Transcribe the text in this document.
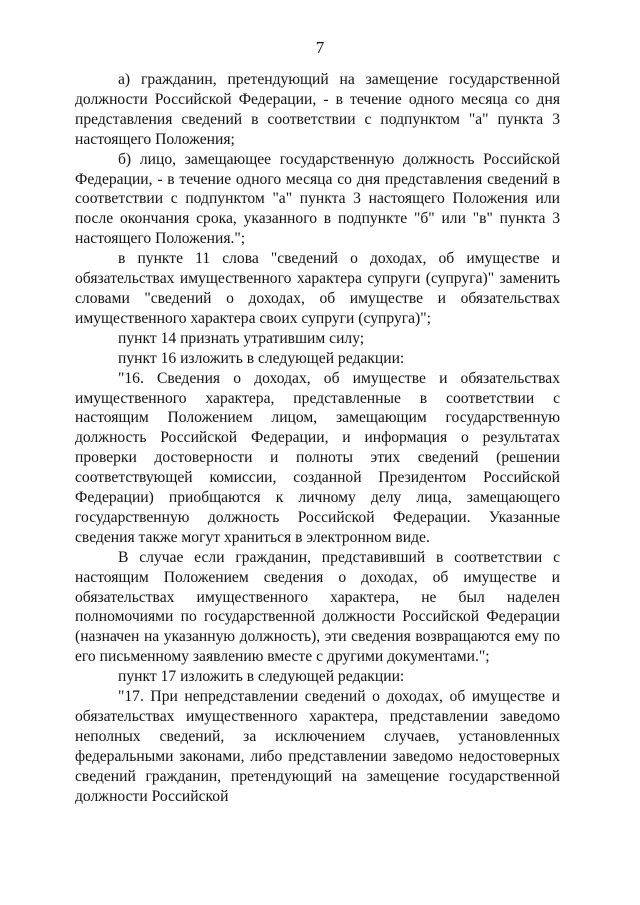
7

а) гражданин, претендующий на замещение государственной должности Российской Федерации, - в течение одного месяца со дня представления сведений в соответствии с подпунктом "а" пункта 3 настоящего Положения;

б) лицо, замещающее государственную должность Российской Федерации, - в течение одного месяца со дня представления сведений в соответствии с подпунктом "а" пункта 3 настоящего Положения или после окончания срока, указанного в подпункте "б" или "в" пункта 3 настоящего Положения.";

в пункте 11 слова "сведений о доходах, об имуществе и обязательствах имущественного характера супруги (супруга)" заменить словами "сведений о доходах, об имуществе и обязательствах имущественного характера своих супруги (супруга)";

пункт 14 признать утратившим силу;

пункт 16 изложить в следующей редакции:

"16. Сведения о доходах, об имуществе и обязательствах имущественного характера, представленные в соответствии с настоящим Положением лицом, замещающим государственную должность Российской Федерации, и информация о результатах проверки достоверности и полноты этих сведений (решении соответствующей комиссии, созданной Президентом Российской Федерации) приобщаются к личному делу лица, замещающего государственную должность Российской Федерации. Указанные сведения также могут храниться в электронном виде.

В случае если гражданин, представивший в соответствии с настоящим Положением сведения о доходах, об имуществе и обязательствах имущественного характера, не был наделен полномочиями по государственной должности Российской Федерации (назначен на указанную должность), эти сведения возвращаются ему по его письменному заявлению вместе с другими документами.";

пункт 17 изложить в следующей редакции:

"17. При непредставлении сведений о доходах, об имуществе и обязательствах имущественного характера, представлении заведомо неполных сведений, за исключением случаев, установленных федеральными законами, либо представлении заведомо недостоверных сведений гражданин, претендующий на замещение государственной должности Российской
